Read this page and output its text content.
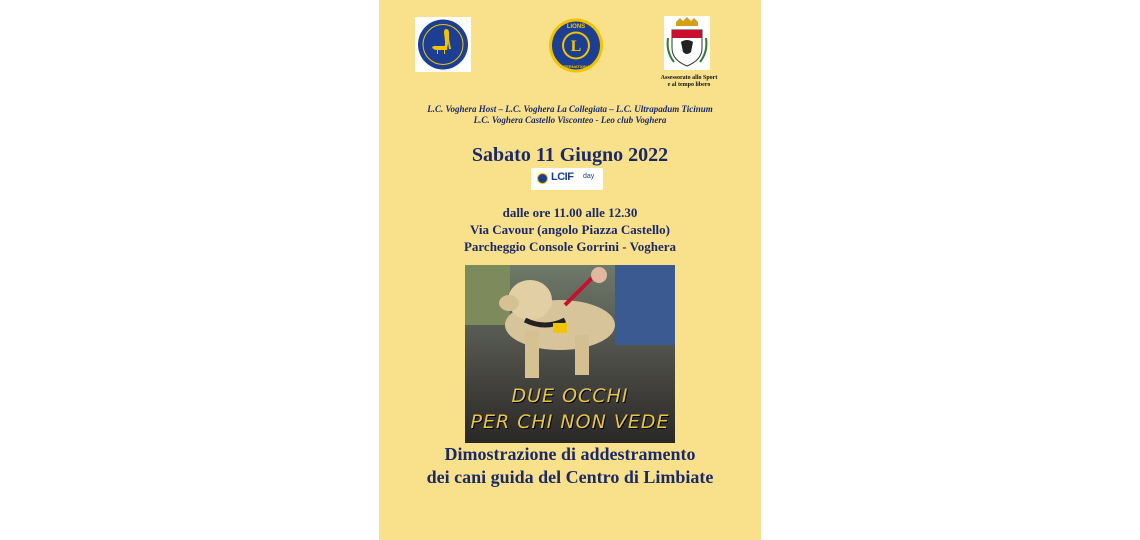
L
LIONS
INTERNATIONAL
Assessorato allo Sport
e al tempo libero
L.C. Voghera Host – L.C. Voghera La Collegiata – L.C. Ultrapadum Ticinum
L.C. Voghera Castello Visconteo - Leo club Voghera
Sabato 11 Giugno 2022
LCIF day
dalle ore 11.00 alle 12.30
Via Cavour (angolo Piazza Castello)
Parcheggio Console Gorrini - Voghera
DUE OCCHI
PER CHI NON VEDE
Dimostrazione di addestramento
dei cani guida del Centro di Limbiate
